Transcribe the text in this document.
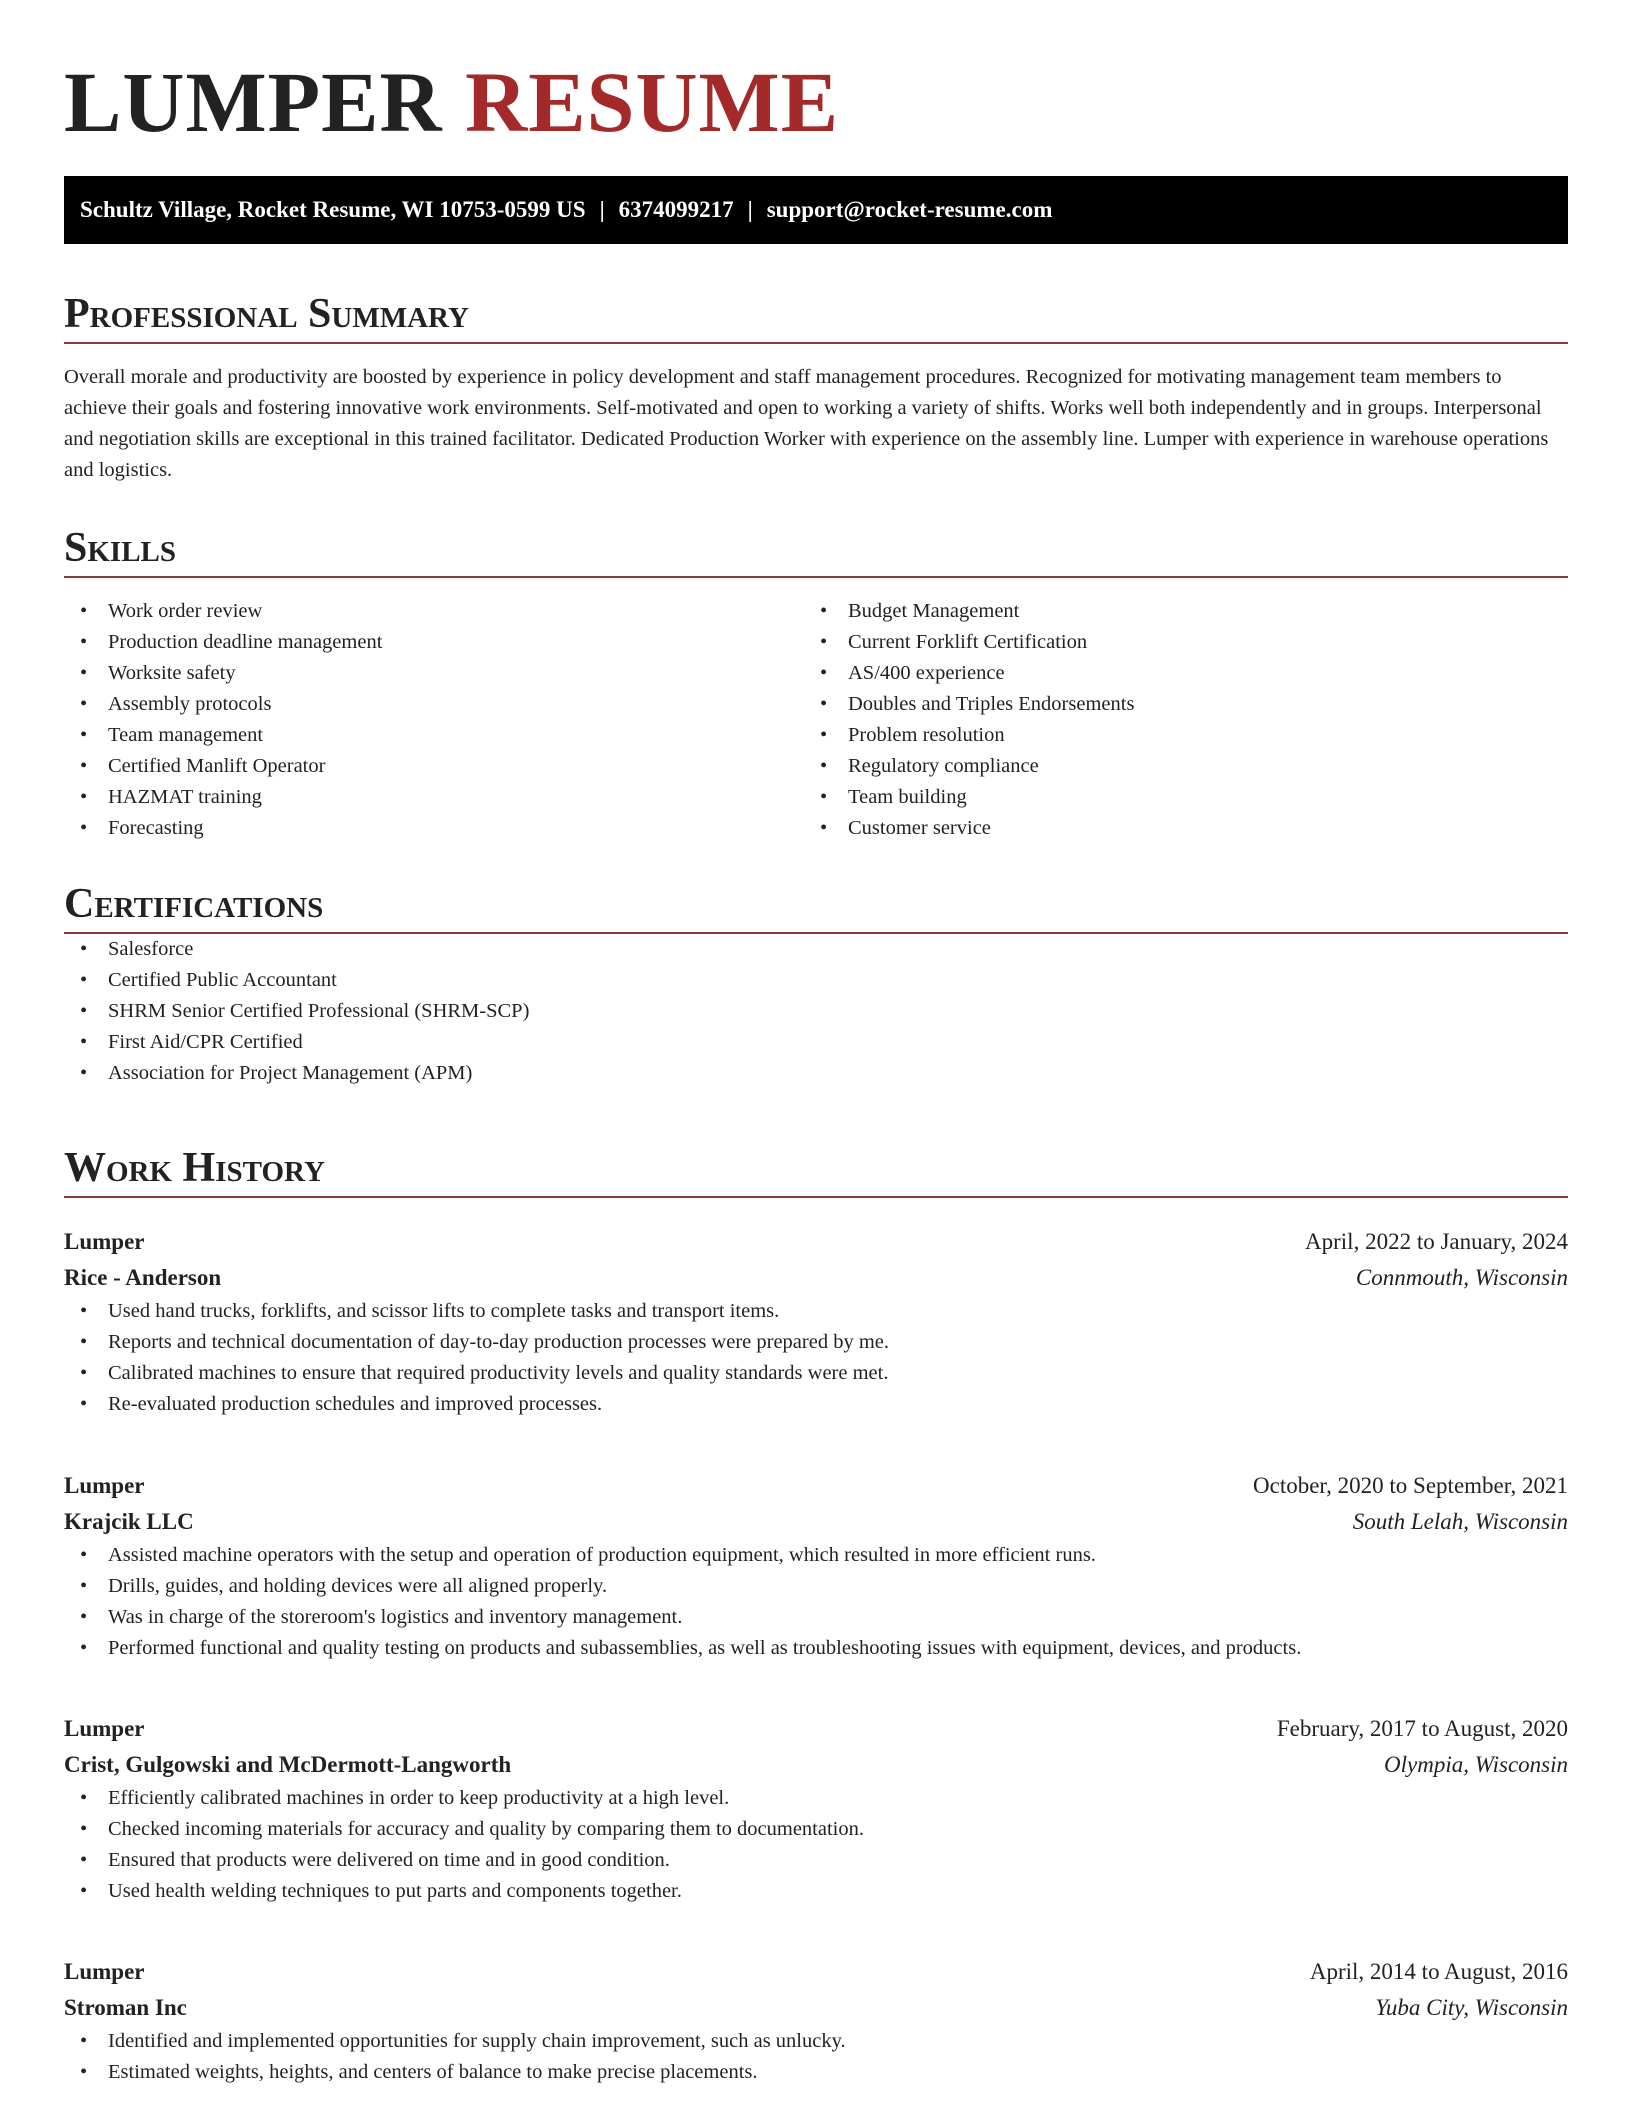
LUMPER RESUME
Schultz Village, Rocket Resume, WI 10753-0599 US | 6374099217 | support@rocket-resume.com
Professional Summary

Overall morale and productivity are boosted by experience in policy development and staff management procedures. Recognized for motivating management team members to achieve their goals and fostering innovative work environments. Self-motivated and open to working a variety of shifts. Works well both independently and in groups. Interpersonal and negotiation skills are exceptional in this trained facilitator. Dedicated Production Worker with experience on the assembly line. Lumper with experience in warehouse operations and logistics.

Skills
• Work order review
• Production deadline management
• Worksite safety
• Assembly protocols
• Team management
• Certified Manlift Operator
• HAZMAT training
• Forecasting
• Budget Management
• Current Forklift Certification
• AS/400 experience
• Doubles and Triples Endorsements
• Problem resolution
• Regulatory compliance
• Team building
• Customer service
Certifications
• Salesforce
• Certified Public Accountant
• SHRM Senior Certified Professional (SHRM-SCP)
• First Aid/CPR Certified
• Association for Project Management (APM)
Work History
Lumper	April, 2022 to January, 2024
Rice - Anderson	Connmouth, Wisconsin
• Used hand trucks, forklifts, and scissor lifts to complete tasks and transport items.
• Reports and technical documentation of day-to-day production processes were prepared by me.
• Calibrated machines to ensure that required productivity levels and quality standards were met.
• Re-evaluated production schedules and improved processes.
Lumper	October, 2020 to September, 2021
Krajcik LLC	South Lelah, Wisconsin
• Assisted machine operators with the setup and operation of production equipment, which resulted in more efficient runs.
• Drills, guides, and holding devices were all aligned properly.
• Was in charge of the storeroom's logistics and inventory management.
• Performed functional and quality testing on products and subassemblies, as well as troubleshooting issues with equipment, devices, and products.
Lumper	February, 2017 to August, 2020
Crist, Gulgowski and McDermott-Langworth	Olympia, Wisconsin
• Efficiently calibrated machines in order to keep productivity at a high level.
• Checked incoming materials for accuracy and quality by comparing them to documentation.
• Ensured that products were delivered on time and in good condition.
• Used health welding techniques to put parts and components together.
Lumper	April, 2014 to August, 2016
Stroman Inc	Yuba City, Wisconsin
• Identified and implemented opportunities for supply chain improvement, such as unlucky.
• Estimated weights, heights, and centers of balance to make precise placements.
